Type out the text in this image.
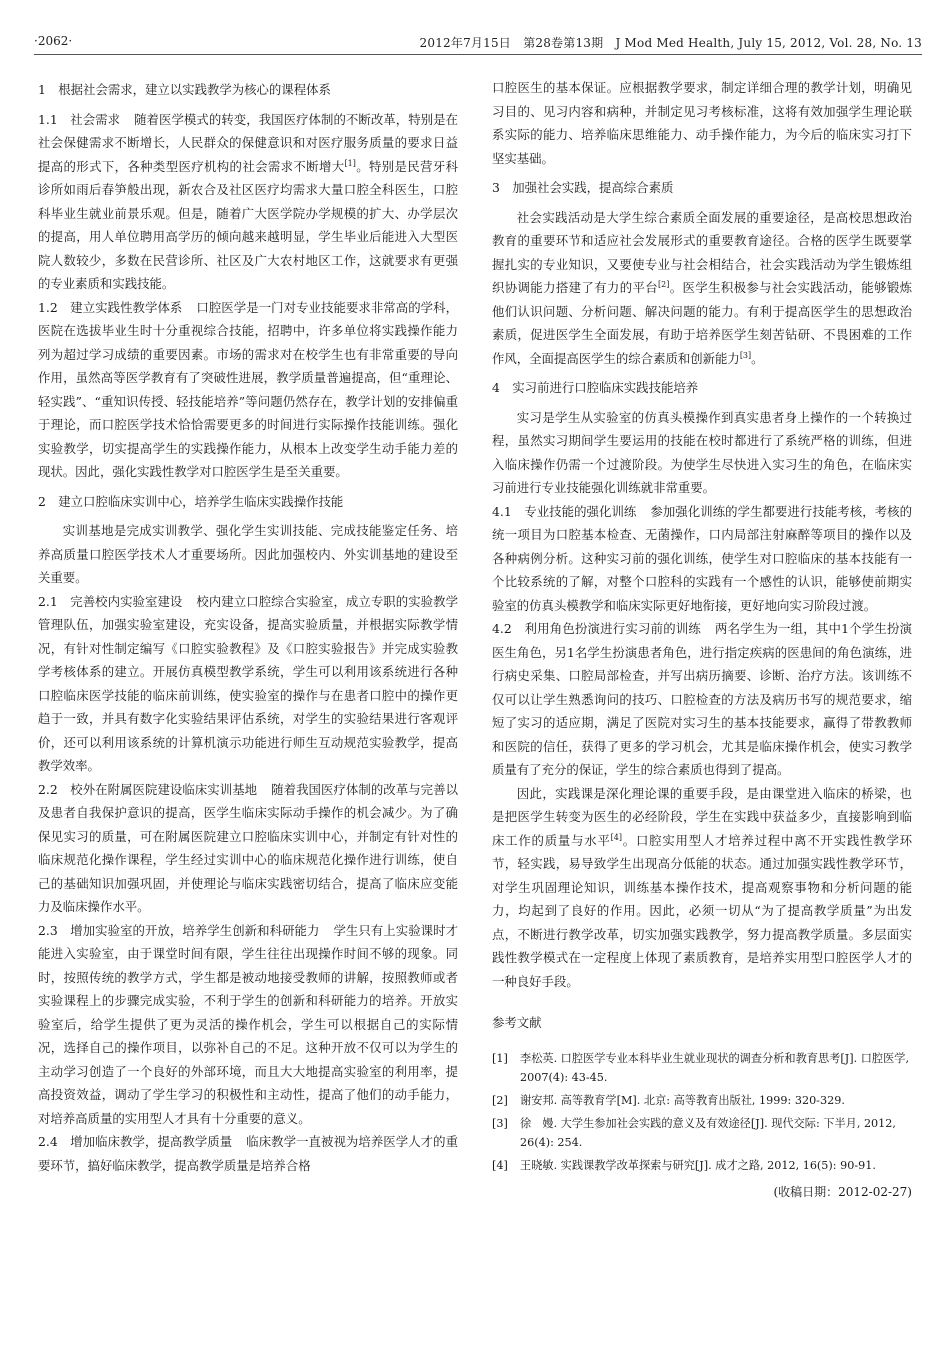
·2062·	2012年7月15日　第28卷第13期　J Mod Med Health, July 15, 2012, Vol. 28, No. 13

1　根据社会需求，建立以实践教学为核心的课程体系

1.1　社会需求 随着医学模式的转变，我国医疗体制的不断改革，特别是在社会保健需求不断增长，人民群众的保健意识和对医疗服务质量的要求日益提高的形式下，各种类型医疗机构的社会需求不断增大[1]。特别是民营牙科诊所如雨后春笋般出现，新农合及社区医疗均需求大量口腔全科医生，口腔科毕业生就业前景乐观。但是，随着广大医学院办学规模的扩大、办学层次的提高，用人单位聘用高学历的倾向越来越明显，学生毕业后能进入大型医院人数较少，多数在民营诊所、社区及广大农村地区工作，这就要求有更强的专业素质和实践技能。

1.2　建立实践性教学体系 口腔医学是一门对专业技能要求非常高的学科，医院在选拔毕业生时十分重视综合技能，招聘中，许多单位将实践操作能力列为超过学习成绩的重要因素。市场的需求对在校学生也有非常重要的导向作用，虽然高等医学教育有了突破性进展，教学质量普遍提高，但“重理论、轻实践”、“重知识传授、轻技能培养”等问题仍然存在，教学计划的安排偏重于理论，而口腔医学技术恰恰需要更多的时间进行实际操作技能训练。强化实验教学，切实提高学生的实践操作能力，从根本上改变学生动手能力差的现状。因此，强化实践性教学对口腔医学生是至关重要。

2　建立口腔临床实训中心，培养学生临床实践操作技能

实训基地是完成实训教学、强化学生实训技能、完成技能鉴定任务、培养高质量口腔医学技术人才重要场所。因此加强校内、外实训基地的建设至关重要。

2.1　完善校内实验室建设 校内建立口腔综合实验室，成立专职的实验教学管理队伍，加强实验室建设，充实设备，提高实验质量，并根据实际教学情况，有针对性制定编写《口腔实验教程》及《口腔实验报告》并完成实验教学考核体系的建立。开展仿真模型教学系统，学生可以利用该系统进行各种口腔临床医学技能的临床前训练，使实验室的操作与在患者口腔中的操作更趋于一致，并具有数字化实验结果评估系统，对学生的实验结果进行客观评价，还可以利用该系统的计算机演示功能进行师生互动规范实验教学，提高教学效率。

2.2　校外在附属医院建设临床实训基地 随着我国医疗体制的改革与完善以及患者自我保护意识的提高，医学生临床实际动手操作的机会减少。为了确保见实习的质量，可在附属医院建立口腔临床实训中心，并制定有针对性的临床规范化操作课程，学生经过实训中心的临床规范化操作进行训练，使自己的基础知识加强巩固，并使理论与临床实践密切结合，提高了临床应变能力及临床操作水平。

2.3　增加实验室的开放，培养学生创新和科研能力 学生只有上实验课时才能进入实验室，由于课堂时间有限，学生往往出现操作时间不够的现象。同时，按照传统的教学方式，学生都是被动地接受教师的讲解，按照教师或者实验课程上的步骤完成实验，不利于学生的创新和科研能力的培养。开放实验室后，给学生提供了更为灵活的操作机会，学生可以根据自己的实际情况，选择自己的操作项目，以弥补自己的不足。这种开放不仅可以为学生的主动学习创造了一个良好的外部环境，而且大大地提高实验室的利用率，提高投资效益，调动了学生学习的积极性和主动性，提高了他们的动手能力，对培养高质量的实用型人才具有十分重要的意义。

2.4　增加临床教学，提高教学质量 临床教学一直被视为培养医学人才的重要环节，搞好临床教学，提高教学质量是培养合格

口腔医生的基本保证。应根据教学要求，制定详细合理的教学计划，明确见习目的、见习内容和病种，并制定见习考核标准，这将有效加强学生理论联系实际的能力、培养临床思维能力、动手操作能力，为今后的临床实习打下坚实基础。

3　加强社会实践，提高综合素质

社会实践活动是大学生综合素质全面发展的重要途径，是高校思想政治教育的重要环节和适应社会发展形式的重要教育途径。合格的医学生既要掌握扎实的专业知识，又要使专业与社会相结合，社会实践活动为学生锻炼组织协调能力搭建了有力的平台[2]。医学生积极参与社会实践活动，能够锻炼他们认识问题、分析问题、解决问题的能力。有利于提高医学生的思想政治素质，促进医学生全面发展，有助于培养医学生刻苦钻研、不畏困难的工作作风，全面提高医学生的综合素质和创新能力[3]。

4　实习前进行口腔临床实践技能培养

实习是学生从实验室的仿真头模操作到真实患者身上操作的一个转换过程，虽然实习期间学生要运用的技能在校时都进行了系统严格的训练，但进入临床操作仍需一个过渡阶段。为使学生尽快进入实习生的角色，在临床实习前进行专业技能强化训练就非常重要。

4.1　专业技能的强化训练 参加强化训练的学生都要进行技能考核，考核的统一项目为口腔基本检查、无菌操作，口内局部注射麻醉等项目的操作以及各种病例分析。这种实习前的强化训练，使学生对口腔临床的基本技能有一个比较系统的了解，对整个口腔科的实践有一个感性的认识，能够使前期实验室的仿真头模教学和临床实际更好地衔接，更好地向实习阶段过渡。

4.2　利用角色扮演进行实习前的训练 两名学生为一组，其中1个学生扮演医生角色，另1名学生扮演患者角色，进行指定疾病的医患间的角色演练，进行病史采集、口腔局部检查，并写出病历摘要、诊断、治疗方法。该训练不仅可以让学生熟悉询问的技巧、口腔检查的方法及病历书写的规范要求，缩短了实习的适应期，满足了医院对实习生的基本技能要求，赢得了带教教师和医院的信任，获得了更多的学习机会，尤其是临床操作机会，使实习教学质量有了充分的保证，学生的综合素质也得到了提高。

因此，实践课是深化理论课的重要手段，是由课堂进入临床的桥梁，也是把医学生转变为医生的必经阶段，学生在实践中获益多少，直接影响到临床工作的质量与水平[4]。口腔实用型人才培养过程中离不开实践性教学环节，轻实践，易导致学生出现高分低能的状态。通过加强实践性教学环节，对学生巩固理论知识，训练基本操作技术，提高观察事物和分析问题的能力，均起到了良好的作用。因此，必须一切从“为了提高教学质量”为出发点，不断进行教学改革，切实加强实践教学，努力提高教学质量。多层面实践性教学模式在一定程度上体现了素质教育，是培养实用型口腔医学人才的一种良好手段。

参考文献

[1]	李松英. 口腔医学专业本科毕业生就业现状的调查分析和教育思考[J]. 口腔医学, 2007(4): 43-45.
[2]	谢安邦. 高等教育学[M]. 北京: 高等教育出版社, 1999: 320-329.
[3]	徐　嫚. 大学生参加社会实践的意义及有效途径[J]. 现代交际: 下半月, 2012, 26(4): 254.
[4]	王晓敏. 实践课教学改革探索与研究[J]. 成才之路, 2012, 16(5): 90-91.

(收稿日期：2012-02-27)
